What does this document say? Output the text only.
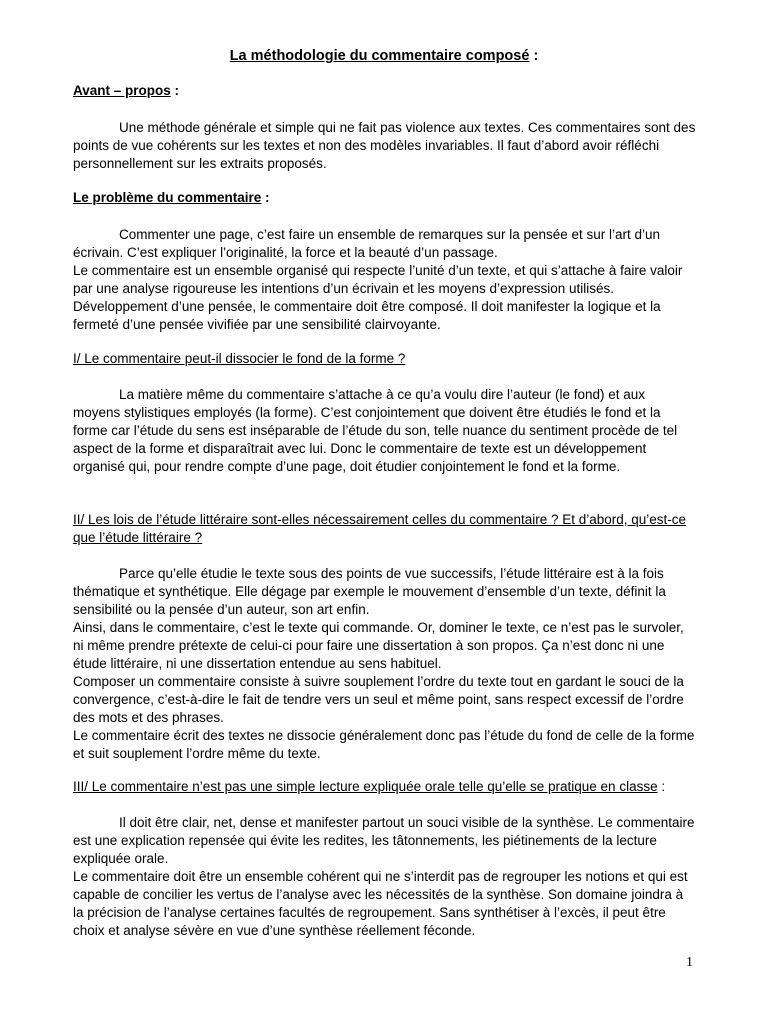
La méthodologie du commentaire composé :
Avant – propos :

Une méthode générale et simple qui ne fait pas violence aux textes. Ces commentaires sont des points de vue cohérents sur les textes et non des modèles invariables. Il faut d’abord avoir réfléchi personnellement sur les extraits proposés.

Le problème du commentaire :

Commenter une page, c’est faire un ensemble de remarques sur la pensée et sur l’art d’un écrivain. C’est expliquer l’originalité, la force et la beauté d’un passage.
Le commentaire est un ensemble organisé qui respecte l’unité d’un texte, et qui s’attache à faire valoir par une analyse rigoureuse les intentions d’un écrivain et les moyens d’expression utilisés.
Développement d’une pensée, le commentaire doit être composé. Il doit manifester la logique et la fermeté d’une pensée vivifiée par une sensibilité clairvoyante.

I/ Le commentaire peut-il dissocier le fond de la forme ?

La matière même du commentaire s’attache à ce qu’a voulu dire l’auteur (le fond) et aux moyens stylistiques employés (la forme). C’est conjointement que doivent être étudiés le fond et la forme car l’étude du sens est inséparable de l’étude du son, telle nuance du sentiment procède de tel aspect de la forme et disparaîtrait avec lui. Donc le commentaire de texte est un développement organisé qui, pour rendre compte d’une page, doit étudier conjointement le fond et la forme.

II/ Les lois de l’étude littéraire sont-elles nécessairement celles du commentaire ? Et d’abord, qu’est-ce que l’étude littéraire ?

Parce qu’elle étudie le texte sous des points de vue successifs, l’étude littéraire est à la fois thématique et synthétique. Elle dégage par exemple le mouvement d’ensemble d’un texte, définit la sensibilité ou la pensée d’un auteur, son art enfin.
Ainsi, dans le commentaire, c’est le texte qui commande. Or, dominer le texte, ce n’est pas le survoler, ni même prendre prétexte de celui-ci pour faire une dissertation à son propos. Ça n’est donc ni une étude littéraire, ni une dissertation entendue au sens habituel.
Composer un commentaire consiste à suivre souplement l’ordre du texte tout en gardant le souci de la convergence, c’est-à-dire le fait de tendre vers un seul et même point, sans respect excessif de l’ordre des mots et des phrases.
Le commentaire écrit des textes ne dissocie généralement donc pas l’étude du fond de celle de la forme et suit souplement l’ordre même du texte.

III/ Le commentaire n’est pas une simple lecture expliquée orale telle qu’elle se pratique en classe :

Il doit être clair, net, dense et manifester partout un souci visible de la synthèse. Le commentaire est une explication repensée qui évite les redites, les tâtonnements, les piétinements de la lecture expliquée orale.
Le commentaire doit être un ensemble cohérent qui ne s’interdit pas de regrouper les notions et qui est capable de concilier les vertus de l’analyse avec les nécessités de la synthèse. Son domaine joindra à la précision de l’analyse certaines facultés de regroupement. Sans synthétiser à l’excès, il peut être choix et analyse sévère en vue d’une synthèse réellement féconde.

1
